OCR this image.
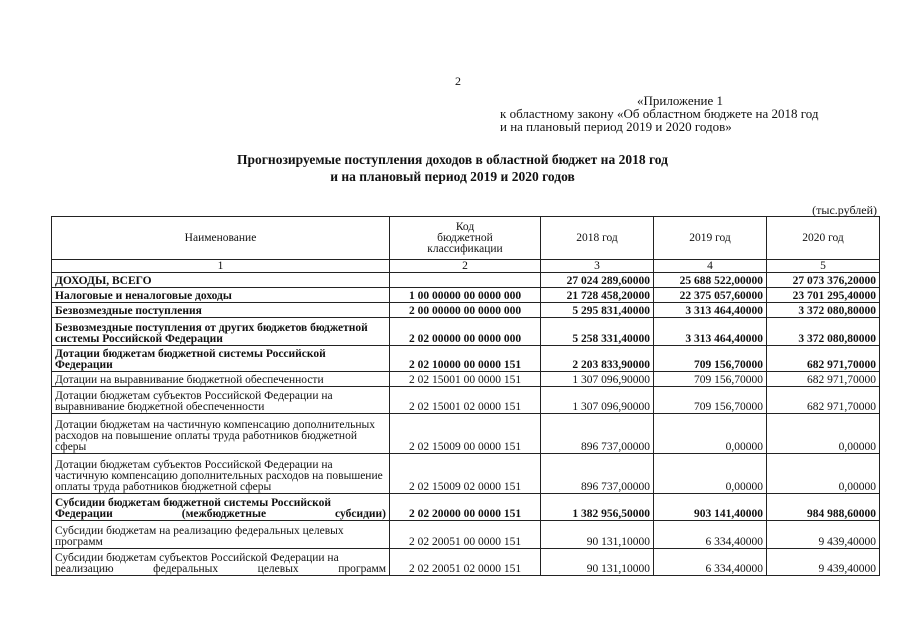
2
«Приложение 1
к областному закону «Об областном бюджете на 2018 год
и на плановый период 2019 и 2020 годов»
Прогнозируемые поступления доходов в областной бюджет на 2018 год
и на плановый период 2019 и 2020 годов
(тыс.рублей)
Наименование	Код
бюджетной
классификации	2018 год	2019 год	2020 год
1	2	3	4	5
ДОХОДЫ, ВСЕГО		27 024 289,60000	25 688 522,00000	27 073 376,20000
Налоговые и неналоговые доходы	1 00 00000 00 0000 000	21 728 458,20000	22 375 057,60000	23 701 295,40000
Безвозмездные поступления	2 00 00000 00 0000 000	5 295 831,40000	3 313 464,40000	3 372 080,80000
Безвозмездные поступления от других бюджетов бюджетной системы Российской Федерации	2 02 00000 00 0000 000	5 258 331,40000	3 313 464,40000	3 372 080,80000
Дотации бюджетам бюджетной системы Российской Федерации	2 02 10000 00 0000 151	2 203 833,90000	709 156,70000	682 971,70000
Дотации на выравнивание бюджетной обеспеченности	2 02 15001 00 0000 151	1 307 096,90000	709 156,70000	682 971,70000
Дотации бюджетам субъектов Российской Федерации на выравнивание бюджетной обеспеченности	2 02 15001 02 0000 151	1 307 096,90000	709 156,70000	682 971,70000
Дотации бюджетам на частичную компенсацию дополнительных расходов на повышение оплаты труда работников бюджетной сферы	2 02 15009 00 0000 151	896 737,00000	0,00000	0,00000
Дотации бюджетам субъектов Российской Федерации на частичную компенсацию дополнительных расходов на повышение оплаты труда работников бюджетной сферы	2 02 15009 02 0000 151	896 737,00000	0,00000	0,00000
Субсидии бюджетам бюджетной системы Российской Федерации (межбюджетные субсидии)	2 02 20000 00 0000 151	1 382 956,50000	903 141,40000	984 988,60000
Субсидии бюджетам на реализацию федеральных целевых программ	2 02 20051 00 0000 151	90 131,10000	6 334,40000	9 439,40000
Субсидии бюджетам субъектов Российской Федерации на реализацию федеральных целевых программ	2 02 20051 02 0000 151	90 131,10000	6 334,40000	9 439,40000
